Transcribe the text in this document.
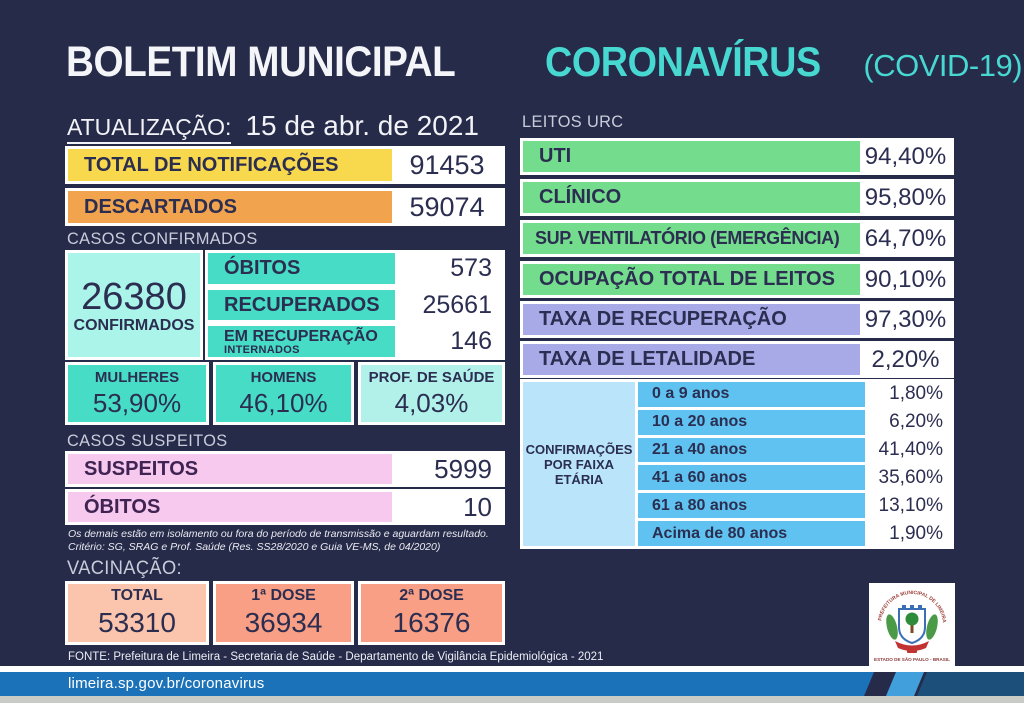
BOLETIM MUNICIPAL CORONAVÍRUS (COVID-19)
ATUALIZAÇÃO: 15 de abr. de 2021
TOTAL DE NOTIFICAÇÕES	91453
DESCARTADOS	59074
CASOS CONFIRMADOS
26380
CONFIRMADOS
ÓBITOS	573
RECUPERADOS	25661
EM RECUPERAÇÃO
INTERNADOS	146
MULHERES
53,90%
HOMENS
46,10%
PROF. DE SAÚDE
4,03%
CASOS SUSPEITOS
SUSPEITOS	5999
ÓBITOS	10
Os demais estão em isolamento ou fora do período de transmissão e aguardam resultado.
Critério: SG, SRAG e Prof. Saúde (Res. SS28/2020 e Guia VE-MS, de 04/2020)
VACINAÇÃO:
TOTAL
53310
1ª DOSE
36934
2ª DOSE
16376
FONTE: Prefeitura de Limeira - Secretaria de Saúde - Departamento de Vigilância Epidemiológica - 2021
LEITOS URC
UTI	94,40%
CLÍNICO	95,80%
SUP. VENTILATÓRIO (EMERGÊNCIA)	64,70%
OCUPAÇÃO TOTAL DE LEITOS	90,10%
TAXA DE RECUPERAÇÃO	97,30%
TAXA DE LETALIDADE	2,20%
CONFIRMAÇÕES POR FAIXA ETÁRIA
0 a 9 anos	1,80%
10 a 20 anos	6,20%
21 a 40 anos	41,40%
41 a 60 anos	35,60%
61 a 80 anos	13,10%
Acima de 80 anos	1,90%
PREFEITURA MUNICIPAL DE LIMEIRA
ESTADO DE SÃO PAULO - BRASIL
limeira.sp.gov.br/coronavirus
